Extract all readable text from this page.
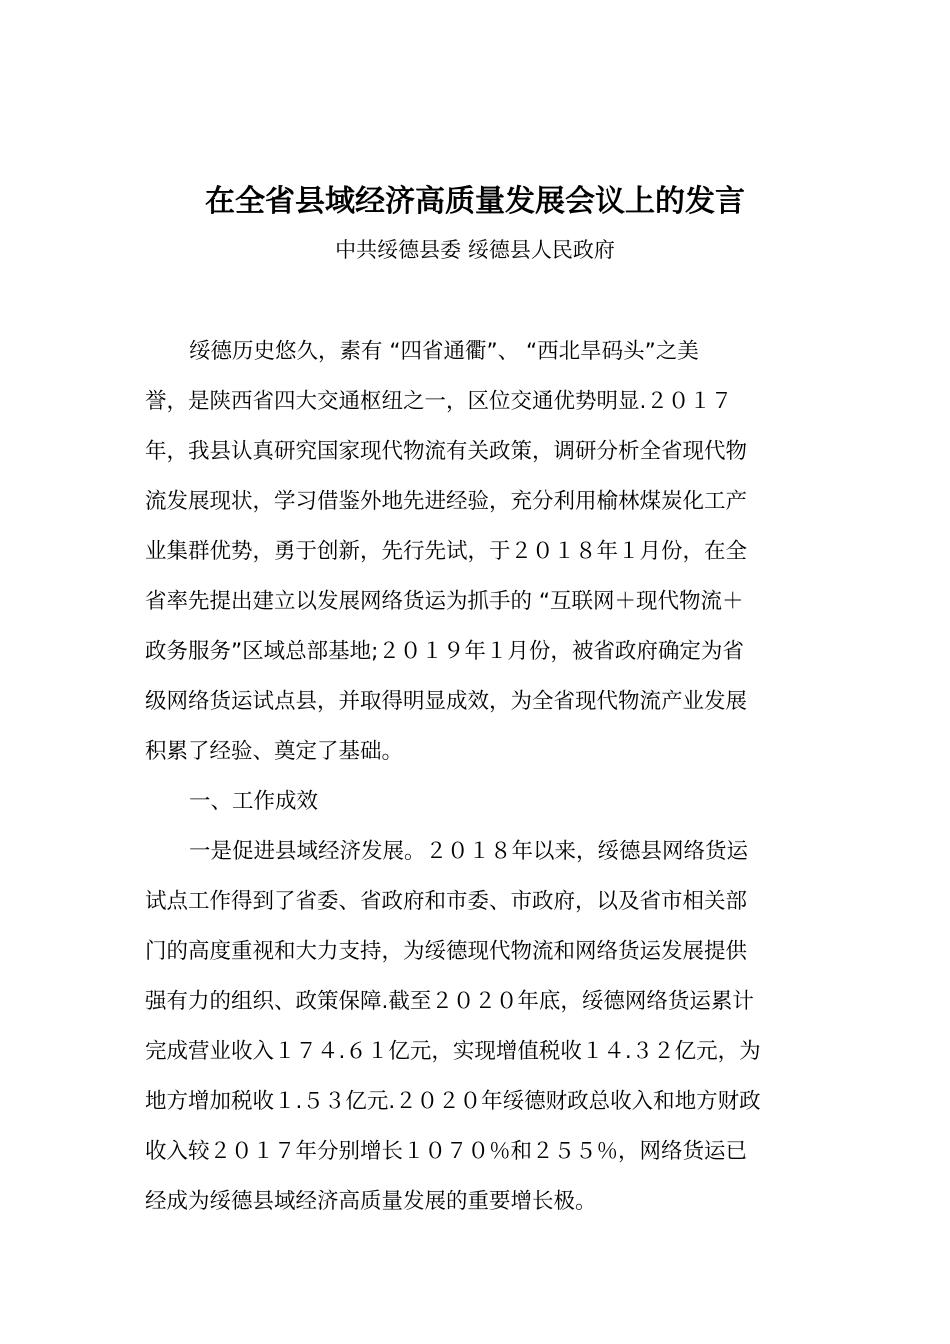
在全省县域经济高质量发展会议上的发言
中共绥德县委 绥德县人民政府
绥德历史悠久，素有 “四省通衢”、 “西北旱码头”之美
誉，是陕西省四大交通枢纽之一，区位交通优势明显.２０１７
年，我县认真研究国家现代物流有关政策，调研分析全省现代物
流发展现状，学习借鉴外地先进经验，充分利用榆林煤炭化工产
业集群优势，勇于创新，先行先试，于２０１８年１月份，在全
省率先提出建立以发展网络货运为抓手的 “互联网＋现代物流＋
政务服务”区域总部基地;２０１９年１月份，被省政府确定为省
级网络货运试点县，并取得明显成效，为全省现代物流产业发展
积累了经验、奠定了基础。
一、工作成效
一是促进县域经济发展。２０１８年以来，绥德县网络货运
试点工作得到了省委、省政府和市委、市政府，以及省市相关部
门的高度重视和大力支持，为绥德现代物流和网络货运发展提供
强有力的组织、政策保障.截至２０２０年底，绥德网络货运累计
完成营业收入１７４.６１亿元，实现增值税收１４.３２亿元，为
地方增加税收１.５３亿元.２０２０年绥德财政总收入和地方财政
收入较２０１７年分别增长１０７０％和２５５％，网络货运已
经成为绥德县域经济高质量发展的重要增长极。
